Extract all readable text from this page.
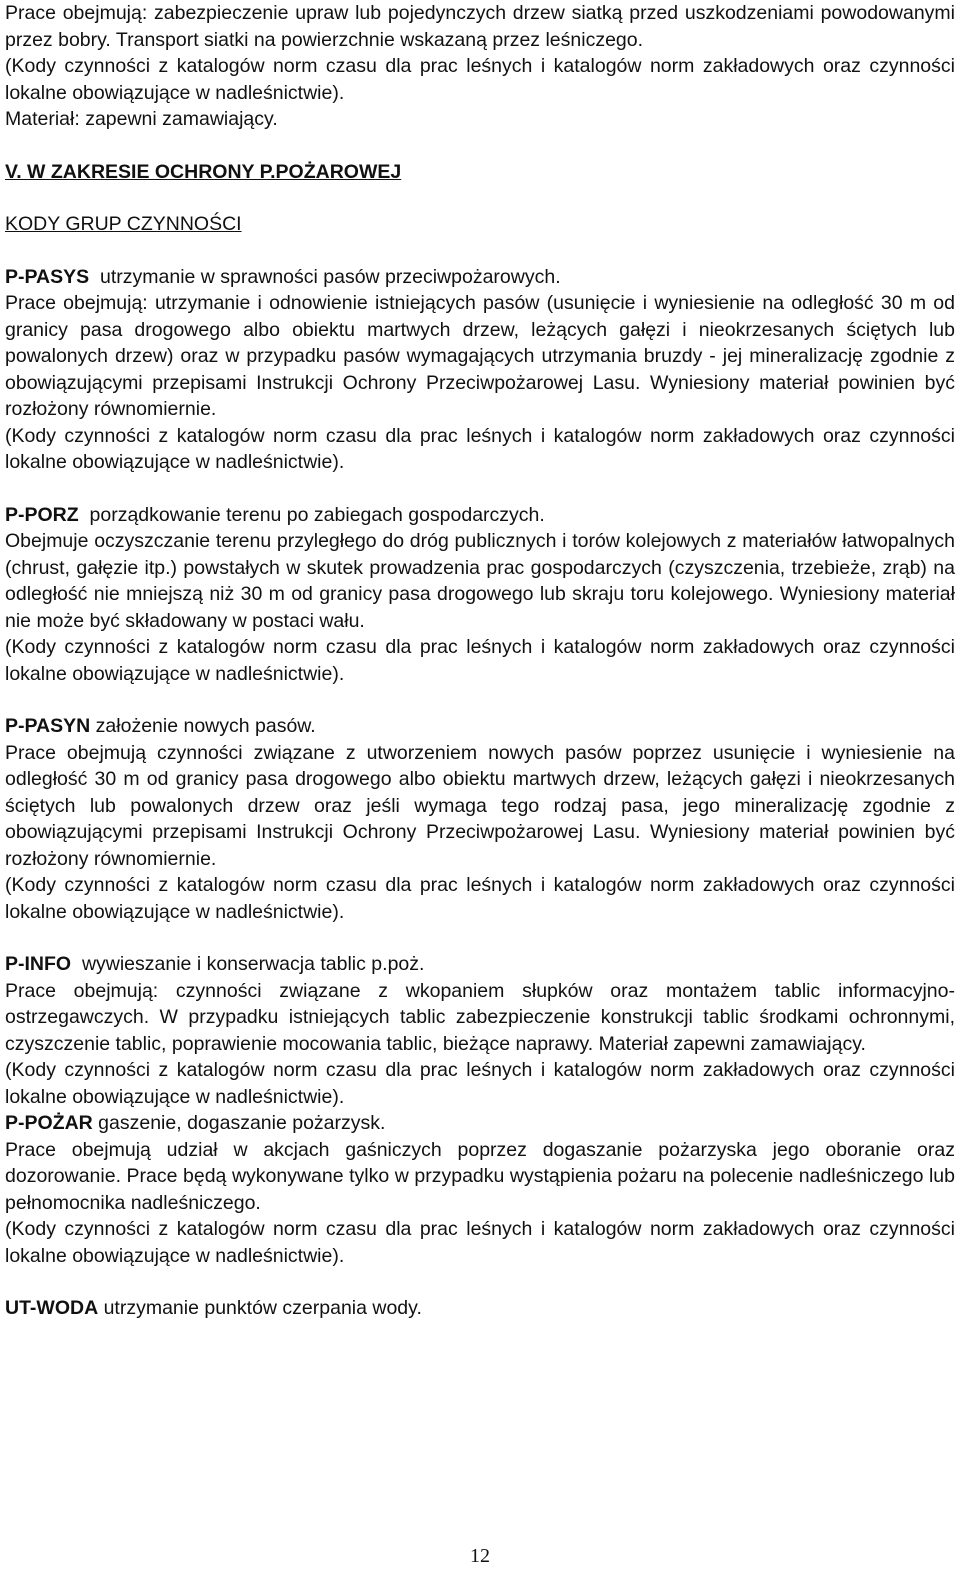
Prace obejmują: zabezpieczenie upraw lub pojedynczych drzew siatką przed uszkodzeniami powodowanymi przez bobry. Transport siatki na powierzchnie wskazaną przez leśniczego.

(Kody czynności z katalogów norm czasu dla prac leśnych i katalogów norm zakładowych oraz czynności lokalne obowiązujące w nadleśnictwie).

Materiał: zapewni zamawiający.

V. W ZAKRESIE OCHRONY P.POŻAROWEJ

KODY GRUP CZYNNOŚCI

P-PASYS utrzymanie w sprawności pasów przeciwpożarowych.

Prace obejmują: utrzymanie i odnowienie istniejących pasów (usunięcie i wyniesienie na odległość 30 m od granicy pasa drogowego albo obiektu martwych drzew, leżących gałęzi i nieokrzesanych ściętych lub powalonych drzew) oraz w przypadku pasów wymagających utrzymania bruzdy - jej mineralizację zgodnie z obowiązującymi przepisami Instrukcji Ochrony Przeciwpożarowej Lasu. Wyniesiony materiał powinien być rozłożony równomiernie.

(Kody czynności z katalogów norm czasu dla prac leśnych i katalogów norm zakładowych oraz czynności lokalne obowiązujące w nadleśnictwie).

P-PORZ porządkowanie terenu po zabiegach gospodarczych.

Obejmuje oczyszczanie terenu przyległego do dróg publicznych i torów kolejowych z materiałów łatwopalnych (chrust, gałęzie itp.) powstałych w skutek prowadzenia prac gospodarczych (czyszczenia, trzebieże, zrąb) na odległość nie mniejszą niż 30 m od granicy pasa drogowego lub skraju toru kolejowego. Wyniesiony materiał nie może być składowany w postaci wału.

(Kody czynności z katalogów norm czasu dla prac leśnych i katalogów norm zakładowych oraz czynności lokalne obowiązujące w nadleśnictwie).

P-PASYN założenie nowych pasów.

Prace obejmują czynności związane z utworzeniem nowych pasów poprzez usunięcie i wyniesienie na odległość 30 m od granicy pasa drogowego albo obiektu martwych drzew, leżących gałęzi i nieokrzesanych ściętych lub powalonych drzew oraz jeśli wymaga tego rodzaj pasa, jego mineralizację zgodnie z obowiązującymi przepisami Instrukcji Ochrony Przeciwpożarowej Lasu. Wyniesiony materiał powinien być rozłożony równomiernie.

(Kody czynności z katalogów norm czasu dla prac leśnych i katalogów norm zakładowych oraz czynności lokalne obowiązujące w nadleśnictwie).

P-INFO wywieszanie i konserwacja tablic p.poż.

Prace obejmują: czynności związane z wkopaniem słupków oraz montażem tablic informacyjno- ostrzegawczych. W przypadku istniejących tablic zabezpieczenie konstrukcji tablic środkami ochronnymi, czyszczenie tablic, poprawienie mocowania tablic, bieżące naprawy. Materiał zapewni zamawiający.

(Kody czynności z katalogów norm czasu dla prac leśnych i katalogów norm zakładowych oraz czynności lokalne obowiązujące w nadleśnictwie).

P-POŻAR gaszenie, dogaszanie pożarzysk.

Prace obejmują udział w akcjach gaśniczych poprzez dogaszanie pożarzyska jego oboranie oraz dozorowanie. Prace będą wykonywane tylko w przypadku wystąpienia pożaru na polecenie nadleśniczego lub pełnomocnika nadleśniczego.

(Kody czynności z katalogów norm czasu dla prac leśnych i katalogów norm zakładowych oraz czynności lokalne obowiązujące w nadleśnictwie).

UT-WODA utrzymanie punktów czerpania wody.

12
